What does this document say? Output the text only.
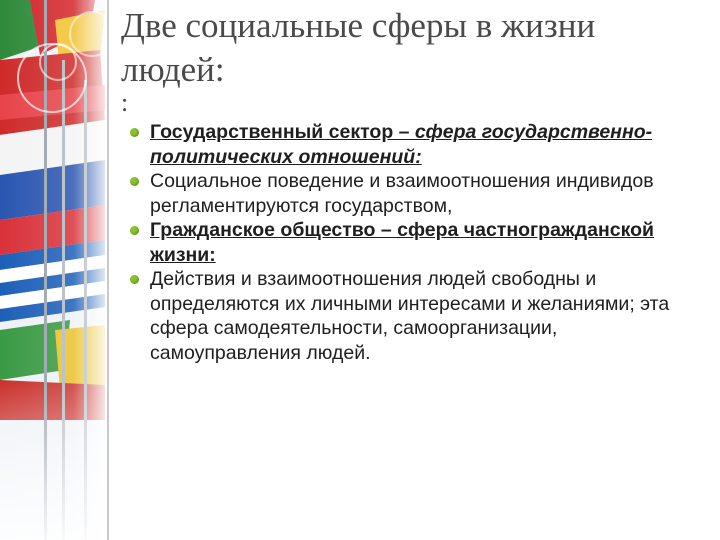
Две социальные сферы в жизни людей:
:
Государственный сектор – сфера государственно-политических отношений:
Социальное поведение и взаимоотношения индивидов регламентируются государством,
Гражданское общество – сфера частногражданской жизни:
Действия и взаимоотношения людей свободны и определяются их личными интересами и желаниями; эта сфера самодеятельности, самоорганизации, самоуправления людей.
